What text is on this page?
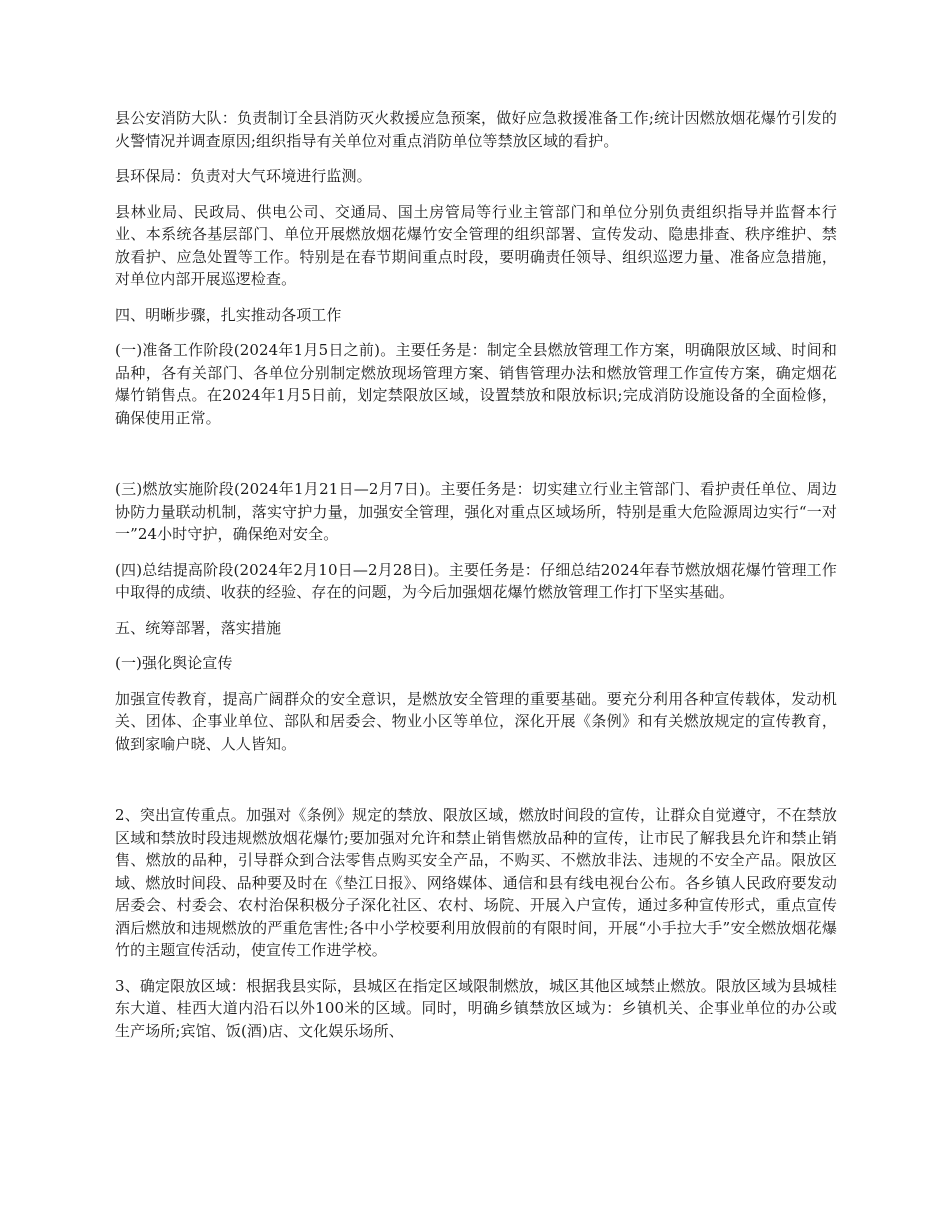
县公安消防大队：负责制订全县消防灭火救援应急预案，做好应急救援准备工作;统计因燃放烟花爆竹引发的火警情况并调查原因;组织指导有关单位对重点消防单位等禁放区域的看护。

县环保局：负责对大气环境进行监测。

县林业局、民政局、供电公司、交通局、国土房管局等行业主管部门和单位分别负责组织指导并监督本行业、本系统各基层部门、单位开展燃放烟花爆竹安全管理的组织部署、宣传发动、隐患排查、秩序维护、禁放看护、应急处置等工作。特别是在春节期间重点时段，要明确责任领导、组织巡逻力量、准备应急措施，对单位内部开展巡逻检查。

四、明晰步骤，扎实推动各项工作

(一)准备工作阶段(2024年1月5日之前)。主要任务是：制定全县燃放管理工作方案，明确限放区域、时间和品种，各有关部门、各单位分别制定燃放现场管理方案、销售管理办法和燃放管理工作宣传方案，确定烟花爆竹销售点。在2024年1月5日前，划定禁限放区域，设置禁放和限放标识;完成消防设施设备的全面检修，确保使用正常。

(三)燃放实施阶段(2024年1月21日—2月7日)。主要任务是：切实建立行业主管部门、看护责任单位、周边协防力量联动机制，落实守护力量，加强安全管理，强化对重点区域场所，特别是重大危险源周边实行“一对一”24小时守护，确保绝对安全。

(四)总结提高阶段(2024年2月10日—2月28日)。主要任务是：仔细总结2024年春节燃放烟花爆竹管理工作中取得的成绩、收获的经验、存在的问题，为今后加强烟花爆竹燃放管理工作打下坚实基础。

五、统筹部署，落实措施

(一)强化舆论宣传

加强宣传教育，提高广阔群众的安全意识，是燃放安全管理的重要基础。要充分利用各种宣传载体，发动机关、团体、企事业单位、部队和居委会、物业小区等单位，深化开展《条例》和有关燃放规定的宣传教育，做到家喻户晓、人人皆知。

2、突出宣传重点。加强对《条例》规定的禁放、限放区域，燃放时间段的宣传，让群众自觉遵守，不在禁放区域和禁放时段违规燃放烟花爆竹;要加强对允许和禁止销售燃放品种的宣传，让市民了解我县允许和禁止销售、燃放的品种，引导群众到合法零售点购买安全产品，不购买、不燃放非法、违规的不安全产品。限放区域、燃放时间段、品种要及时在《垫江日报》、网络媒体、通信和县有线电视台公布。各乡镇人民政府要发动居委会、村委会、农村治保积极分子深化社区、农村、场院、开展入户宣传，通过多种宣传形式，重点宣传酒后燃放和违规燃放的严重危害性;各中小学校要利用放假前的有限时间，开展“小手拉大手”安全燃放烟花爆竹的主题宣传活动，使宣传工作进学校。

3、确定限放区域：根据我县实际，县城区在指定区域限制燃放，城区其他区域禁止燃放。限放区域为县城桂东大道、桂西大道内沿石以外100米的区域。同时，明确乡镇禁放区域为：乡镇机关、企事业单位的办公或生产场所;宾馆、饭(酒)店、文化娱乐场所、
